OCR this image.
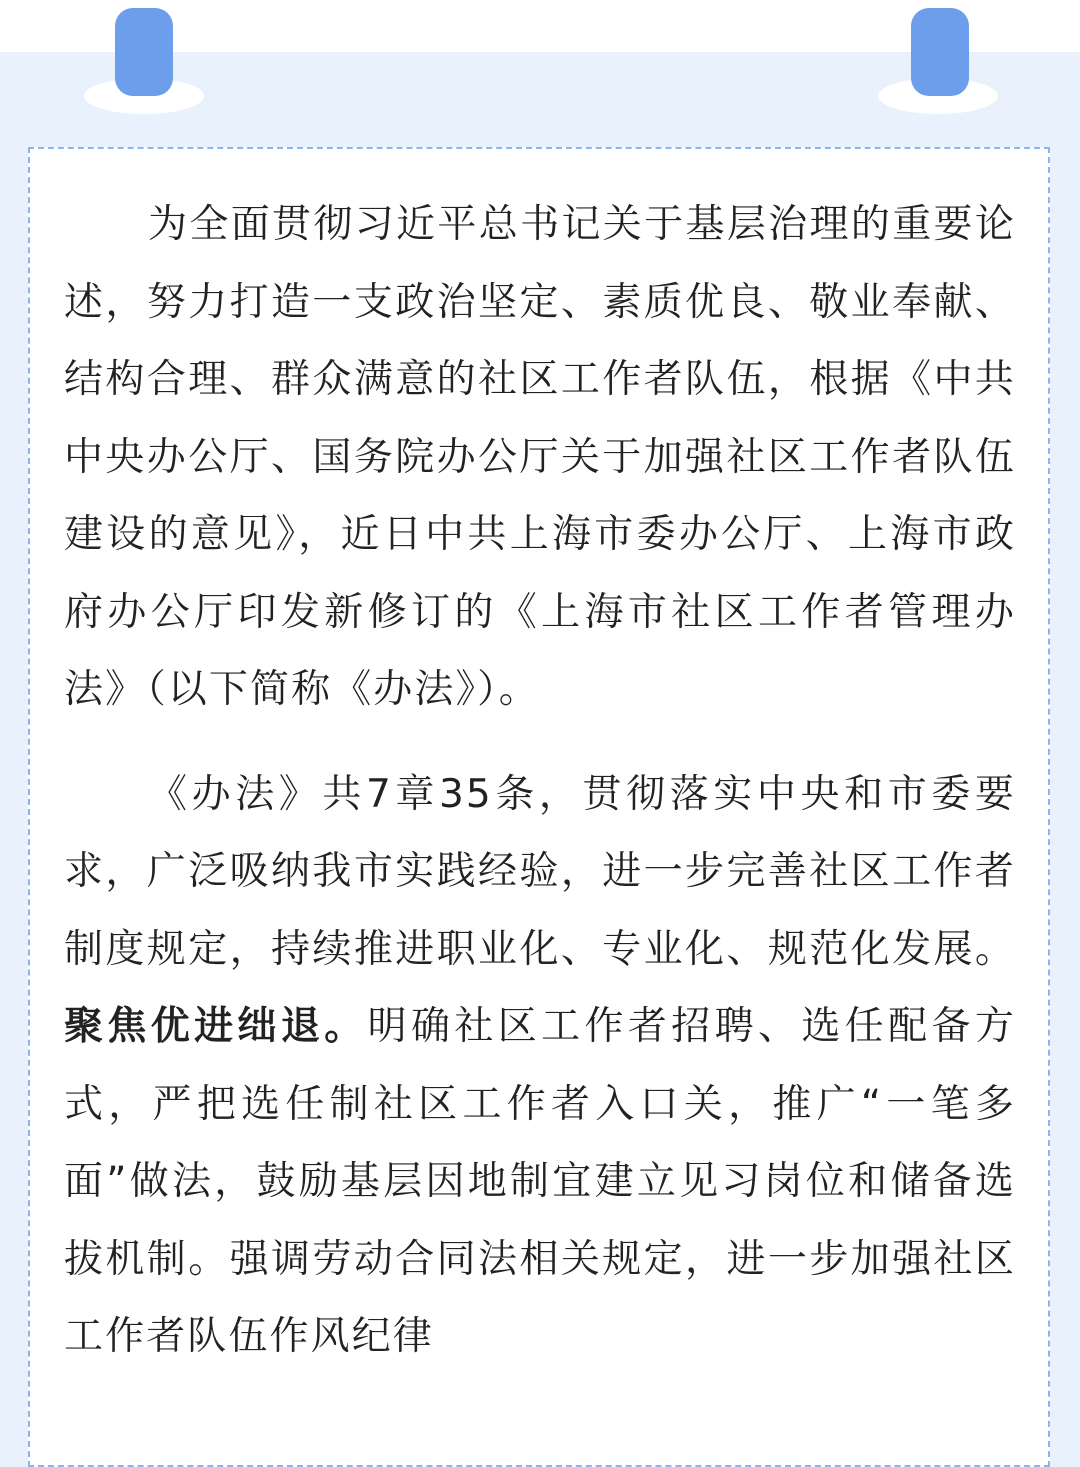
为全面贯彻习近平总书记关于基层治理的重要论述，努力打造一支政治坚定、素质优良、敬业奉献、结构合理、群众满意的社区工作者队伍，根据《中共中央办公厅、国务院办公厅关于加强社区工作者队伍建设的意见》，近日中共上海市委办公厅、上海市政府办公厅印发新修订的《上海市社区工作者管理办法》（以下简称《办法》）。

《办法》共7章35条，贯彻落实中央和市委要求，广泛吸纳我市实践经验，进一步完善社区工作者制度规定，持续推进职业化、专业化、规范化发展。聚焦优进绌退。明确社区工作者招聘、选任配备方式，严把选任制社区工作者入口关，推广“一笔多面”做法，鼓励基层因地制宜建立见习岗位和储备选拔机制。强调劳动合同法相关规定，进一步加强社区工作者队伍作风纪律
